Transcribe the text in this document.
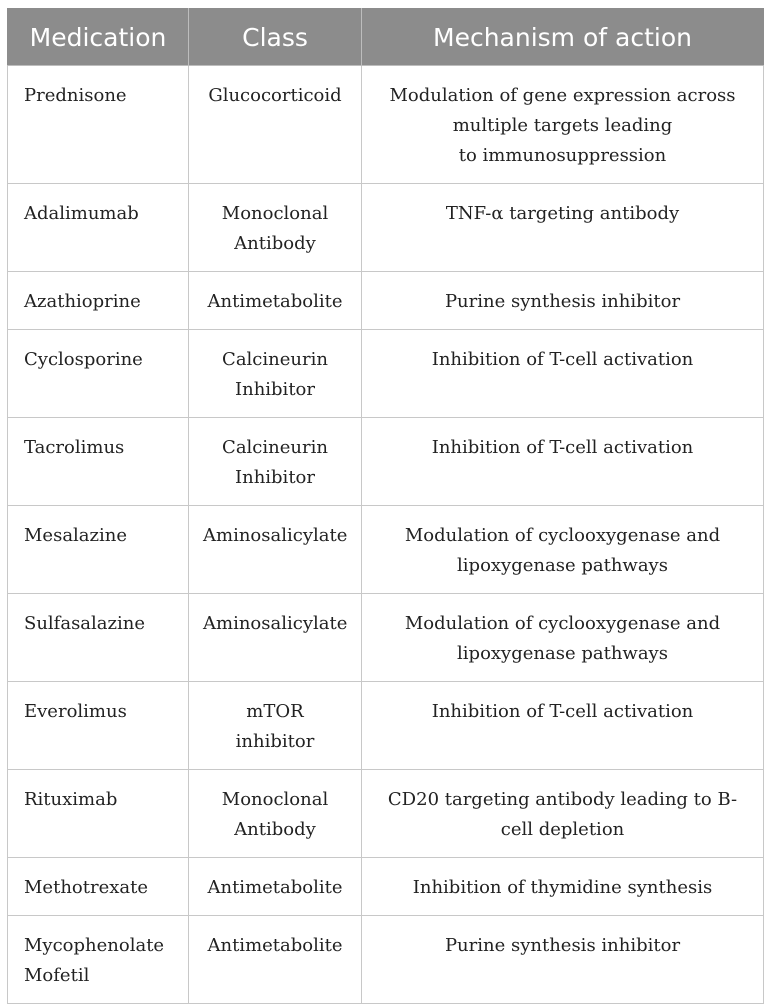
Medication	Class	Mechanism of action

Prednisone	Glucocorticoid	Modulation of gene expression across
multiple targets leading
to immunosuppression

Adalimumab	Monoclonal
Antibody	TNF-α targeting antibody

Azathioprine	Antimetabolite	Purine synthesis inhibitor

Cyclosporine	Calcineurin
Inhibitor	Inhibition of T-cell activation

Tacrolimus	Calcineurin
Inhibitor	Inhibition of T-cell activation

Mesalazine	Aminosalicylate	Modulation of cyclooxygenase and
lipoxygenase pathways

Sulfasalazine	Aminosalicylate	Modulation of cyclooxygenase and
lipoxygenase pathways

Everolimus	mTOR
inhibitor	Inhibition of T-cell activation

Rituximab	Monoclonal
Antibody	CD20 targeting antibody leading to B-
cell depletion

Methotrexate	Antimetabolite	Inhibition of thymidine synthesis

Mycophenolate
Mofetil	Antimetabolite	Purine synthesis inhibitor
